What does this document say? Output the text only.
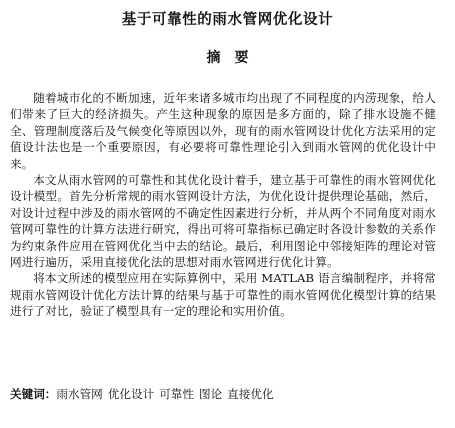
基于可靠性的雨水管网优化设计
摘要

随着城市化的不断加速，近年来诸多城市均出现了不同程度的内涝现象，给人们带来了巨大的经济损失。产生这种现象的原因是多方面的，除了排水设施不健全、管理制度落后及气候变化等原因以外，现有的雨水管网设计优化方法采用的定值设计法也是一个重要原因，有必要将可靠性理论引入到雨水管网的优化设计中来。

本文从雨水管网的可靠性和其优化设计着手，建立基于可靠性的雨水管网优化设计模型。首先分析常规的雨水管网设计方法，为优化设计提供理论基础，然后，对设计过程中涉及的雨水管网的不确定性因素进行分析，并从两个不同角度对雨水管网可靠性的计算方法进行研究，得出可将可靠指标已确定时各设计参数的关系作为约束条件应用在管网优化当中去的结论。最后，利用图论中邻接矩阵的理论对管网进行遍历，采用直接优化法的思想对雨水管网进行优化计算。

将本文所述的模型应用在实际算例中，采用 MATLAB 语言编制程序，并将常规雨水管网设计优化方法计算的结果与基于可靠性的雨水管网优化模型计算的结果进行了对比，验证了模型具有一定的理论和实用价值。

关键词：雨水管网 优化设计 可靠性 图论 直接优化
